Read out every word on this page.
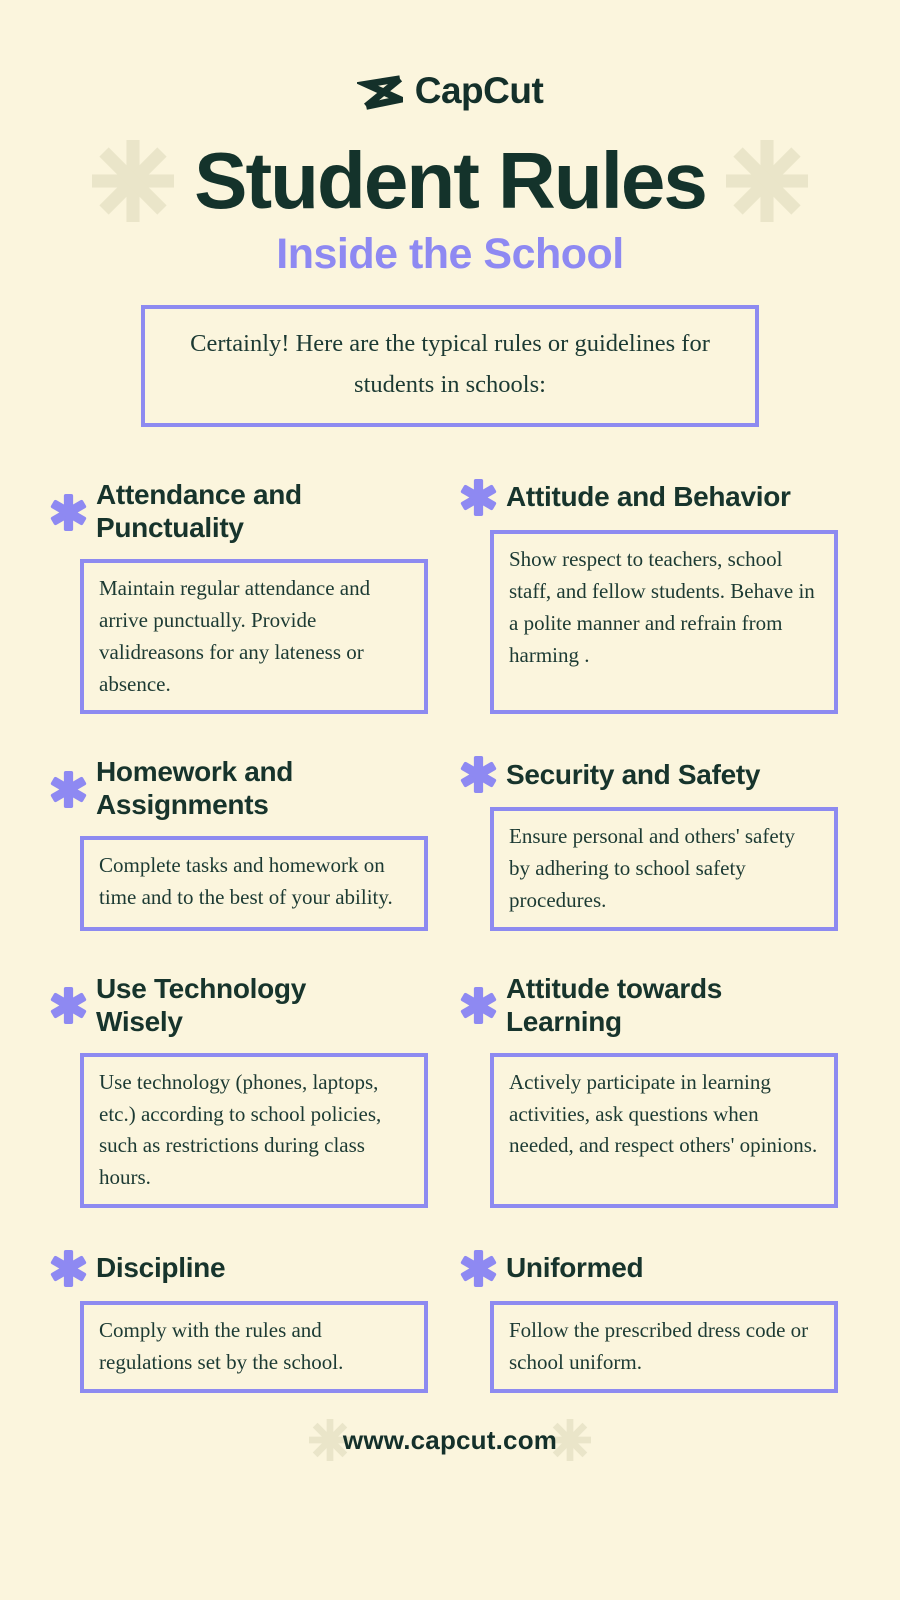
CapCut
Student Rules
Inside the School
Certainly! Here are the typical rules or guidelines for students in schools:
Attendance and Punctuality
Maintain regular attendance and arrive punctually. Provide validreasons for any lateness or absence.
Attitude and Behavior
Show respect to teachers, school staff, and fellow students. Behave in a polite manner and refrain from harming .
Homework and Assignments
Complete tasks and homework on time and to the best of your ability.
Security and Safety
Ensure personal and others' safety by adhering to school safety procedures.
Use Technology Wisely
Use technology (phones, laptops, etc.) according to school policies, such as restrictions during class hours.
Attitude towards Learning
Actively participate in learning activities, ask questions when needed, and respect others' opinions.
Discipline
Comply with the rules and regulations set by the school.
Uniformed
Follow the prescribed dress code or school uniform.
www.capcut.com
